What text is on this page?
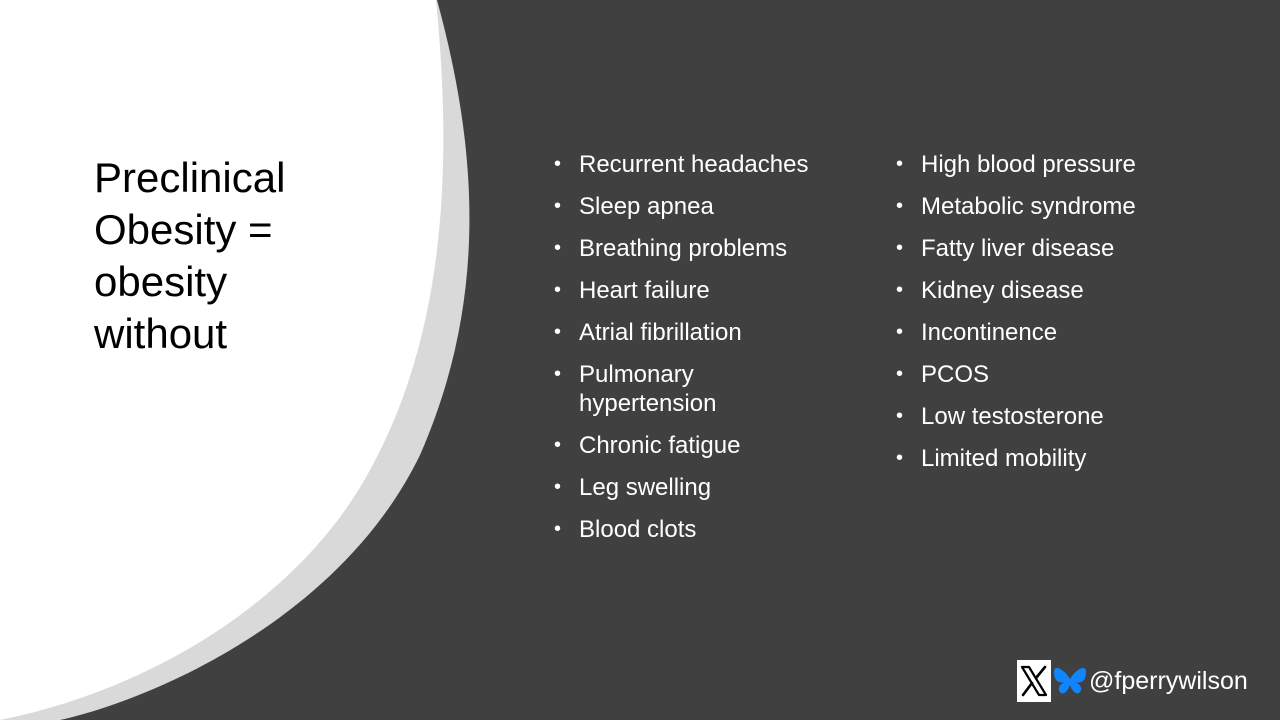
Preclinical
Obesity =
obesity
without
• Recurrent headaches
• Sleep apnea
• Breathing problems
• Heart failure
• Atrial fibrillation
• Pulmonary hypertension
• Chronic fatigue
• Leg swelling
• Blood clots
• High blood pressure
• Metabolic syndrome
• Fatty liver disease
• Kidney disease
• Incontinence
• PCOS
• Low testosterone
• Limited mobility
@fperrywilson
